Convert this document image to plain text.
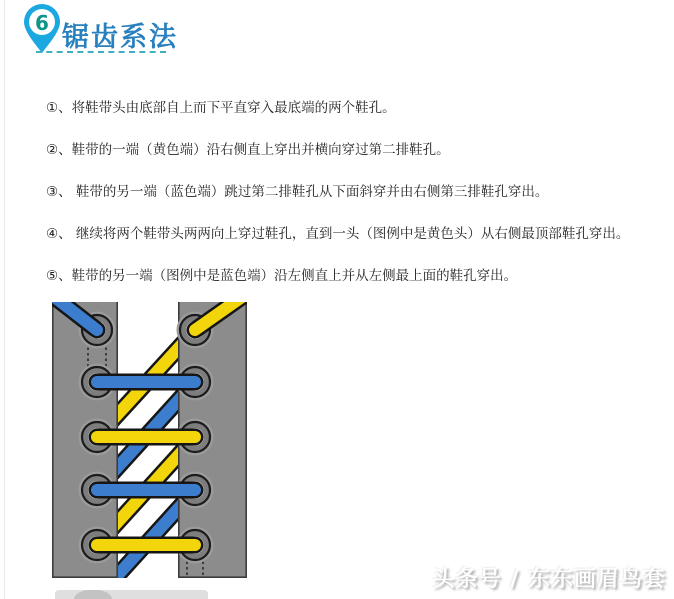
6 锯齿系法
①、将鞋带头由底部自上而下平直穿入最底端的两个鞋孔。
②、鞋带的一端（黄色端）沿右侧直上穿出并横向穿过第二排鞋孔。
③、 鞋带的另一端（蓝色端）跳过第二排鞋孔从下面斜穿并由右侧第三排鞋孔穿出。
④、 继续将两个鞋带头两两向上穿过鞋孔，直到一头（图例中是黄色头）从右侧最顶部鞋孔穿出。
⑤、鞋带的另一端（图例中是蓝色端）沿左侧直上并从左侧最上面的鞋孔穿出。
头条号 / 东东画眉鸟套
